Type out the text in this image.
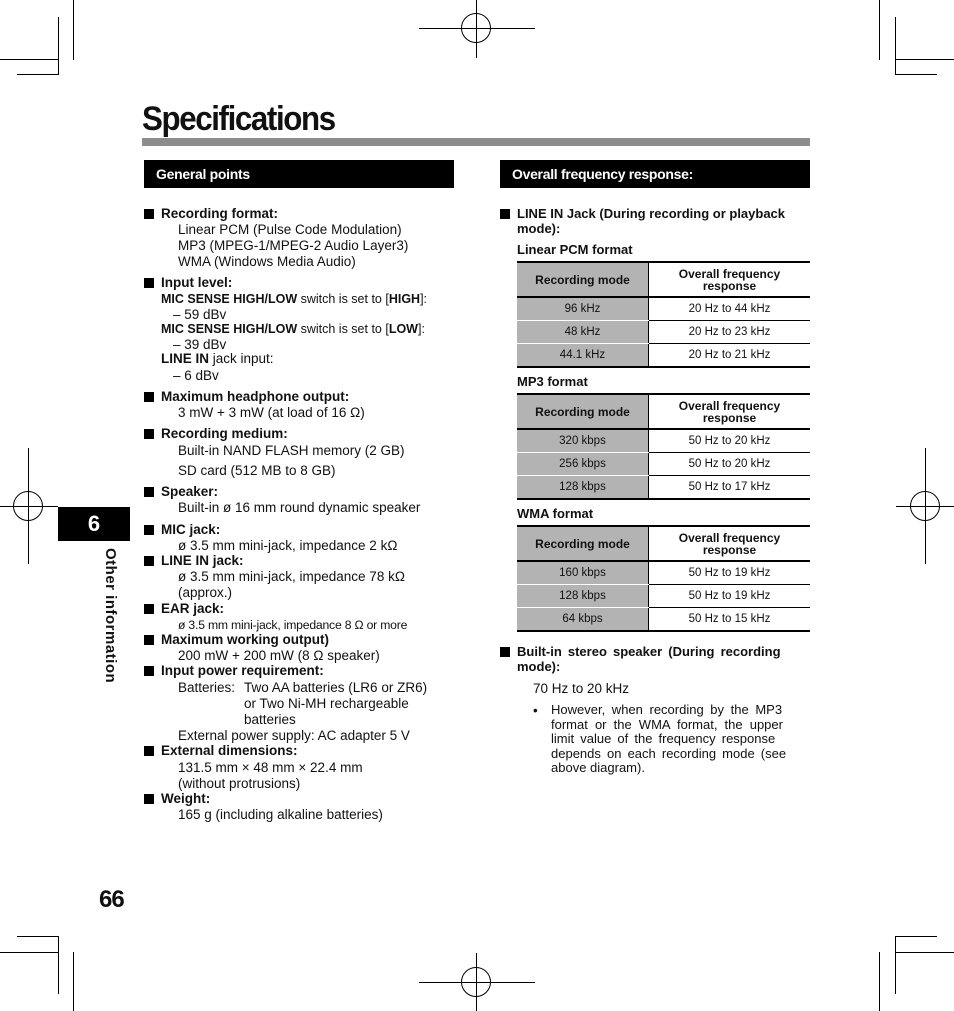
Specifications
6
Other information
66
General points
Recording format:
Linear PCM (Pulse Code Modulation)
MP3 (MPEG-1/MPEG-2 Audio Layer3)
WMA (Windows Media Audio)
Input level:
MIC SENSE HIGH/LOW switch is set to [HIGH]:
– 59 dBv
MIC SENSE HIGH/LOW switch is set to [LOW]:
– 39 dBv
LINE IN jack input:
– 6 dBv
Maximum headphone output:
3 mW + 3 mW (at load of 16 Ω)
Recording medium:
Built-in NAND FLASH memory (2 GB)
SD card (512 MB to 8 GB)
Speaker:
Built-in ø 16 mm round dynamic speaker
MIC jack:
ø 3.5 mm mini-jack, impedance 2 kΩ
LINE IN jack:
ø 3.5 mm mini-jack, impedance 78 kΩ
(approx.)
EAR jack:
ø 3.5 mm mini-jack, impedance 8 Ω or more
Maximum working output)
200 mW + 200 mW (8 Ω speaker)
Input power requirement:
Batteries: Two AA batteries (LR6 or ZR6)
or Two Ni-MH rechargeable
batteries
External power supply: AC adapter 5 V
External dimensions:
131.5 mm × 48 mm × 22.4 mm
(without protrusions)
Weight:
165 g (including alkaline batteries)
Overall frequency response:
LINE IN Jack (During recording or playback
mode):
Linear PCM format
Recording mode	Overall frequency
response
96 kHz	20 Hz to 44 kHz
48 kHz	20 Hz to 23 kHz
44.1 kHz	20 Hz to 21 kHz
MP3 format
Recording mode	Overall frequency
response
320 kbps	50 Hz to 20 kHz
256 kbps	50 Hz to 20 kHz
128 kbps	50 Hz to 17 kHz
WMA format
Recording mode	Overall frequency
response
160 kbps	50 Hz to 19 kHz
128 kbps	50 Hz to 19 kHz
64 kbps	50 Hz to 15 kHz
Built-in stereo speaker (During recording
mode):
70 Hz to 20 kHz
• However, when recording by the MP3
format or the WMA format, the upper
limit value of the frequency response
depends on each recording mode (see
above diagram).
